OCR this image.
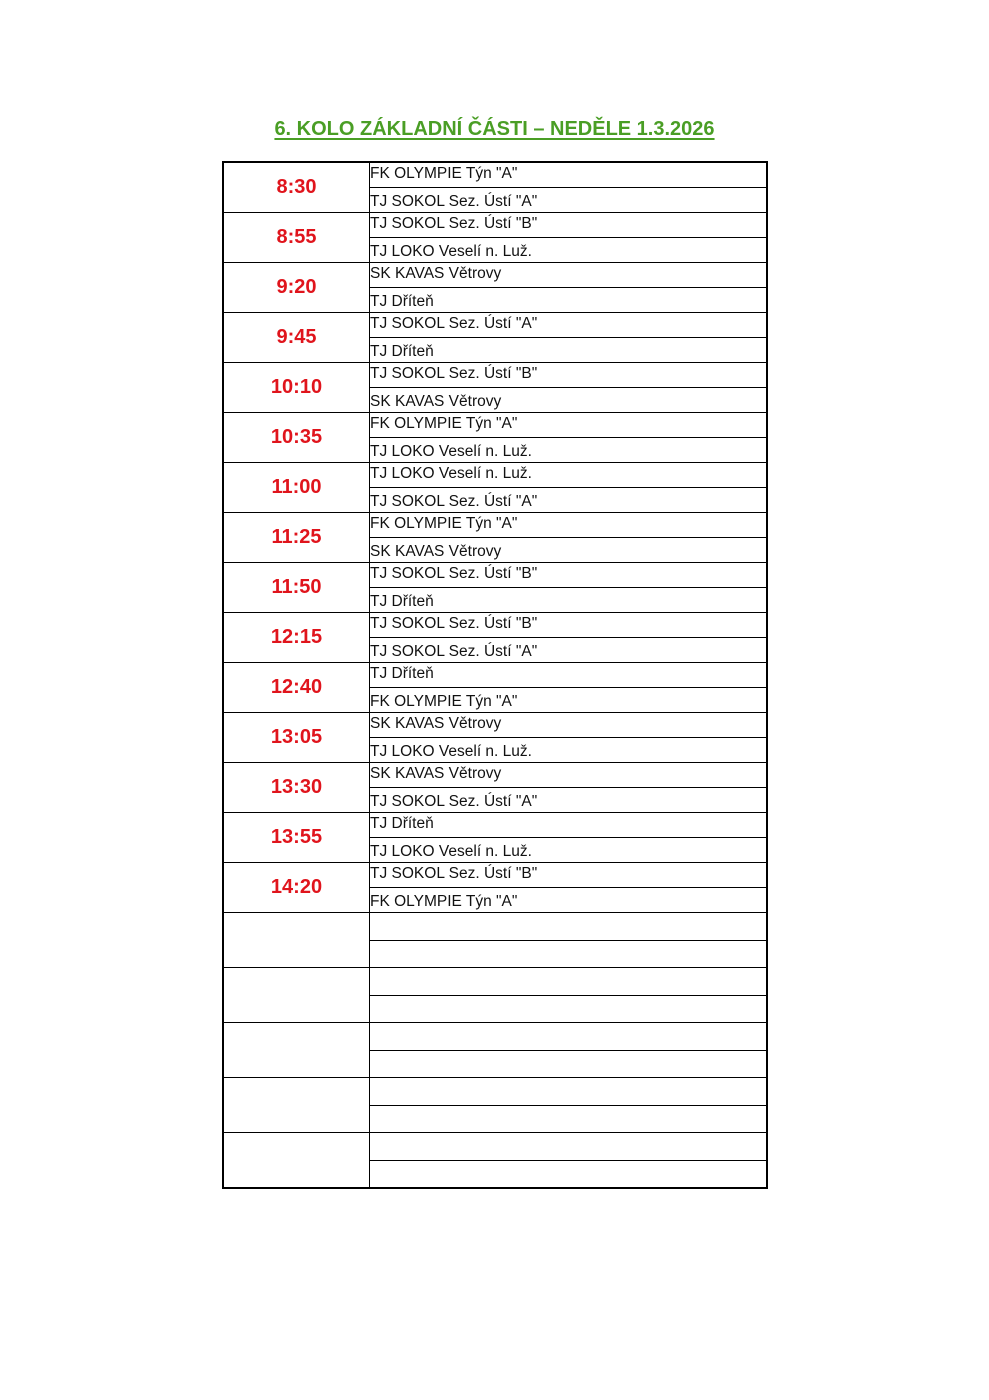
6. KOLO ZÁKLADNÍ ČÁSTI – NEDĚLE 1.3.2026
8:30	FK OLYMPIE Týn "A"
	TJ SOKOL Sez. Ústí "A"
8:55	TJ SOKOL Sez. Ústí "B"
	TJ LOKO Veselí n. Luž.
9:20	SK KAVAS Větrovy
	TJ Dříteň
9:45	TJ SOKOL Sez. Ústí "A"
	TJ Dříteň
10:10	TJ SOKOL Sez. Ústí "B"
	SK KAVAS Větrovy
10:35	FK OLYMPIE Týn "A"
	TJ LOKO Veselí n. Luž.
11:00	TJ LOKO Veselí n. Luž.
	TJ SOKOL Sez. Ústí "A"
11:25	FK OLYMPIE Týn "A"
	SK KAVAS Větrovy
11:50	TJ SOKOL Sez. Ústí "B"
	TJ Dříteň
12:15	TJ SOKOL Sez. Ústí "B"
	TJ SOKOL Sez. Ústí "A"
12:40	TJ Dříteň
	FK OLYMPIE Týn "A"
13:05	SK KAVAS Větrovy
	TJ LOKO Veselí n. Luž.
13:30	SK KAVAS Větrovy
	TJ SOKOL Sez. Ústí "A"
13:55	TJ Dříteň
	TJ LOKO Veselí n. Luž.
14:20	TJ SOKOL Sez. Ústí "B"
	FK OLYMPIE Týn "A"
